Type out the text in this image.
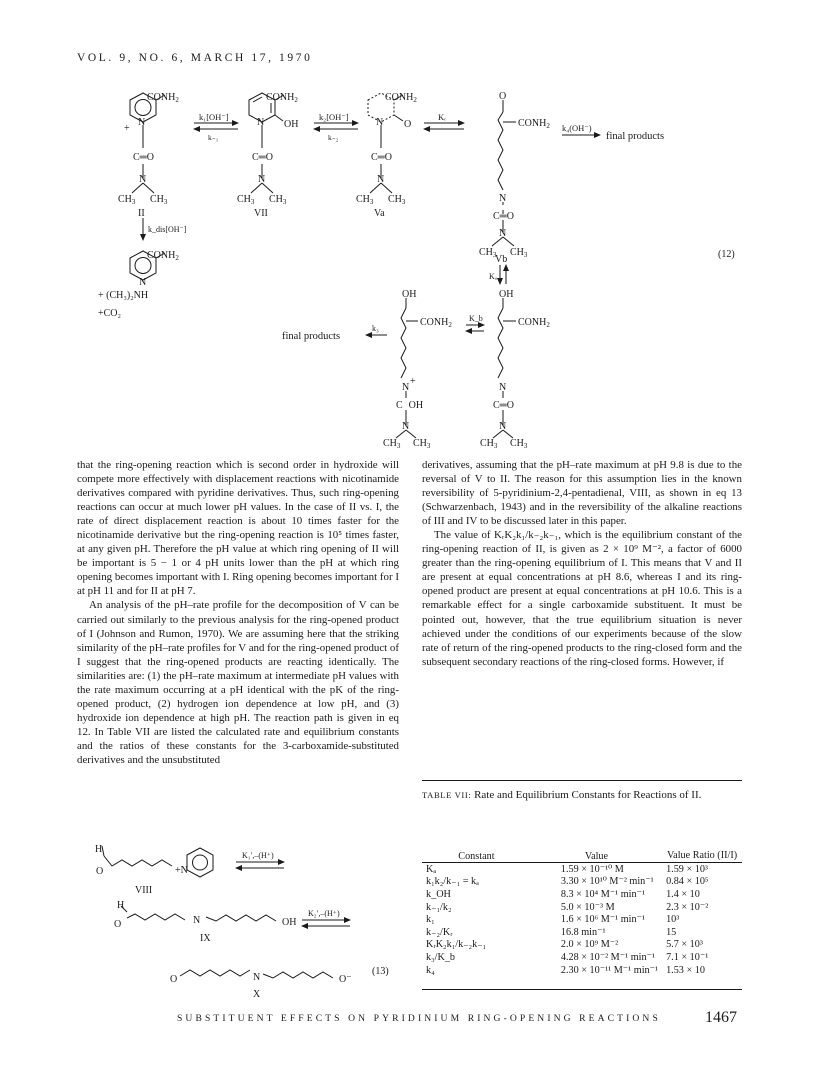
VOL. 9, NO. 6, MARCH 17, 1970
$CONH_2$
N
+
C═O
N
$CH_3$ $CH_3$
II
$CONH_2$
N OH
C═O
N
$CH_3$ $CH_3$
VII
$CONH_2$
O
N
C═O
N
$CH_3$ $CH_3$
Va
O
$CONH_2$
N
C═O
N
$CH_3$ $CH_3$
Vb
k₁[OH⁻]
k₋₁
k₂[OH⁻]
k₋₂
Kᵣ
k₄(OH⁻)
final products
k_dis[OH⁻]
Kₐ
K_b
k₃
final products
(12)
$CONH_2$
N
+ (CH₃)₂NH
+CO₂
OH
$CONH_2$
N
C═O
N
$CH_3$ $CH_3$
OH
$CONH_2$
+
N
C OH
N
$CH_3$ $CH_3$

that the ring-opening reaction which is second order in hydroxide will compete more effectively with displacement reactions with nicotinamide derivatives compared with pyridine derivatives. Thus, such ring-opening reactions can occur at much lower pH values. In the case of II vs. I, the rate of direct displacement reaction is about 10 times faster for the nicotinamide derivative but the ring-opening reaction is 10⁵ times faster, at any given pH. Therefore the pH value at which ring opening of II will be important is 5 − 1 or 4 pH units lower than the pH at which ring opening becomes important with I. Ring opening becomes important for I at pH 11 and for II at pH 7.

An analysis of the pH–rate profile for the decomposition of V can be carried out similarly to the previous analysis for the ring-opened product of I (Johnson and Rumon, 1970). We are assuming here that the striking similarity of the pH–rate profiles for V and for the ring-opened product of I suggest that the ring-opened products are reacting identically. The similarities are: (1) the pH–rate maximum at intermediate pH values with the rate maximum occurring at a pH identical with the pK of the ring-opened product, (2) hydrogen ion dependence at low pH, and (3) hydroxide ion dependence at high pH. The reaction path is given in eq 12. In Table VII are listed the calculated rate and equilibrium constants and the ratios of these constants for the 3-carboxamide-substituted derivatives and the unsubstituted

derivatives, assuming that the pH–rate maximum at pH 9.8 is due to the reversal of V to II. The reason for this assumption lies in the known reversibility of 5-pyridinium-2,4-pentadienal, VIII, as shown in eq 13 (Schwarzenbach, 1943) and in the reversibility of the alkaline reactions of III and IV to be discussed later in this paper.

The value of KᵣK₂k₁/k₋₂k₋₁, which is the equilibrium constant of the ring-opening reaction of II, is given as 2 × 10⁹ M⁻², a factor of 6000 greater than the ring-opening equilibrium of I. This means that V and II are present at equal concentrations at pH 8.6, whereas I and its ring-opened product are present at equal concentrations at pH 10.6. This is a remarkable effect for a single carboxamide substituent. It must be pointed out, however, that the true equilibrium situation is never achieved under the conditions of our experiments because of the slow rate of return of the ring-opened products to the ring-closed form and the subsequent secondary reactions of the ring-closed forms. However, if

TABLE VII: Rate and Equilibrium Constants for Reactions of II.
Constant	Value	Value Ratio (II/I)
Kₐ	1.59 × 10⁻¹⁰ M	1.59 × 10³
k₁k₂/k₋₁ = kₐ	3.30 × 10¹⁰ M⁻² min⁻¹	0.84 × 10⁵
k_OH	8.3 × 10⁴ M⁻¹ min⁻¹	1.4 × 10
k₋₁/k₂	5.0 × 10⁻³ M	2.3 × 10⁻²
k₁	1.6 × 10⁶ M⁻¹ min⁻¹	10³
k₋₂/Kᵣ	16.8 min⁻¹	15
KᵣK₂k₁/k₋₂k₋₁	2.0 × 10⁹ M⁻²	5.7 × 10³
k₃/K_b	4.28 × 10⁻² M⁻¹ min⁻¹	7.1 × 10⁻¹
k₄	2.30 × 10⁻¹¹ M⁻¹ min⁻¹	1.53 × 10
H
O	+N
VIII
K₁′,–(H⁺)
H
O	N	OH
IX
K₂′,–(H⁺)
O	N	O⁻
(13)
X
SUBSTITUENT EFFECTS ON PYRIDINIUM RING-OPENING REACTIONS	1467
